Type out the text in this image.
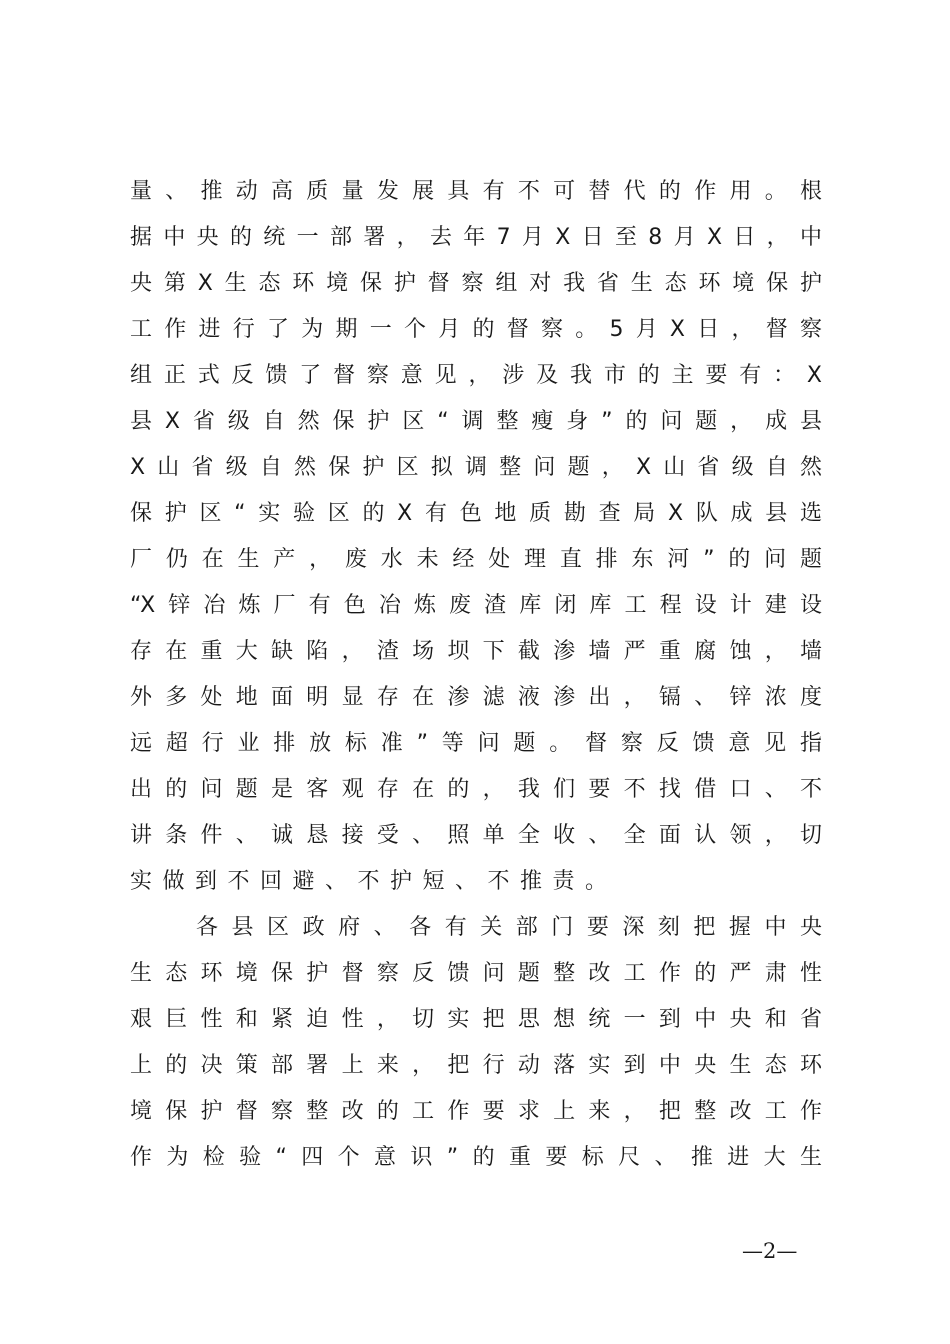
量、推动高质量发展具有不可替代的作用。根
据中央的统一部署，去年7月X日至8月X日，中
央第X生态环境保护督察组对我省生态环境保护
工作进行了为期一个月的督察。5月X日，督察
组正式反馈了督察意见，涉及我市的主要有：X
县X省级自然保护区“调整瘦身”的问题，成县
X山省级自然保护区拟调整问题，X山省级自然
保护区“实验区的X有色地质勘查局X队成县选
厂仍在生产，废水未经处理直排东河”的问题
“X锌冶炼厂有色冶炼废渣库闭库工程设计建设
存在重大缺陷，渣场坝下截渗墙严重腐蚀，墙
外多处地面明显存在渗滤液渗出，镉、锌浓度
远超行业排放标准”等问题。督察反馈意见指
出的问题是客观存在的，我们要不找借口、不
讲条件、诚恳接受、照单全收、全面认领，切
实做到不回避、不护短、不推责。
各县区政府、各有关部门要深刻把握中央
生态环境保护督察反馈问题整改工作的严肃性
艰巨性和紧迫性，切实把思想统一到中央和省
上的决策部署上来，把行动落实到中央生态环
境保护督察整改的工作要求上来，把整改工作
作为检验“四个意识”的重要标尺、推进大生
—2—
